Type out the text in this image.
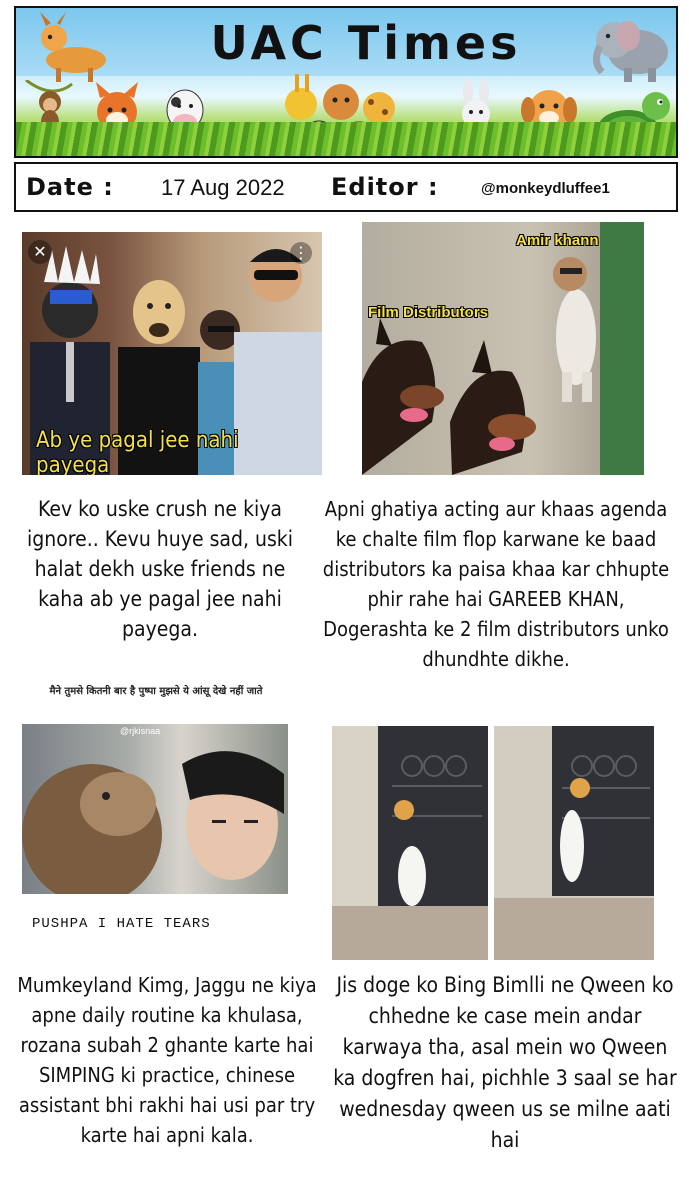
UAC Times
Date : 17 Aug 2022 Editor :	@monkeydluffee1
✕	⋮
Ab ye pagal jee nahi payega
Amir khann
Film Distributors
Kev ko uske crush ne kiya ignore.. Kevu huye sad, uski halat dekh uske friends ne kaha ab ye pagal jee nahi payega.
Apni ghatiya acting aur khaas agenda ke chalte film flop karwane ke baad distributors ka paisa khaa kar chhupte phir rahe hai GAREEB KHAN, Dogerashta ke 2 film distributors unko dhundhte dikhe.
मैने तुमसे कितनी बार है पुष्पा मुझसे ये आंसू देखे नहीं जाते
@rjkisnaa
PUSHPA I HATE TEARS
Mumkeyland Kimg, Jaggu ne kiya apne daily routine ka khulasa, rozana subah 2 ghante karte hai SIMPING ki practice, chinese assistant bhi rakhi hai usi par try karte hai apni kala.
Jis doge ko Bing Bimlli ne Qween ko chhedne ke case mein andar karwaya tha, asal mein wo Qween ka dogfren hai, pichhle 3 saal se har wednesday qween us se milne aati hai
